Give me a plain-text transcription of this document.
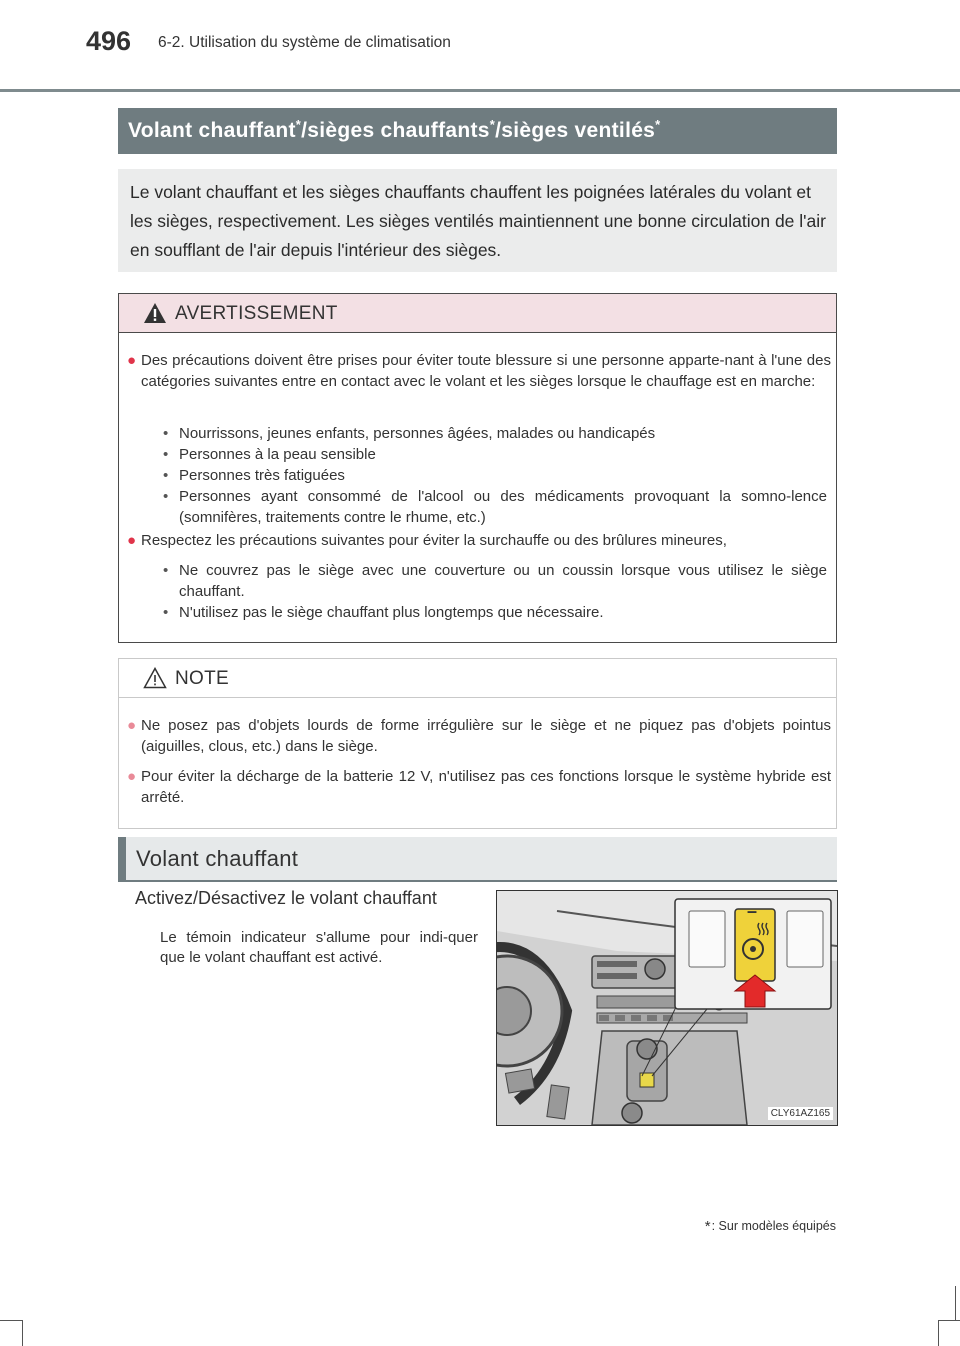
496 6-2. Utilisation du système de climatisation
Volant chauffant*/sièges chauffants*/sièges ventilés*

Le volant chauffant et les sièges chauffants chauffent les poignées latérales du volant et les sièges, respectivement. Les sièges ventilés maintiennent une bonne circulation de l'air en soufflant de l'air depuis l'intérieur des sièges.

AVERTISSEMENT
● Des précautions doivent être prises pour éviter toute blessure si une personne apparte-nant à l'une des catégories suivantes entre en contact avec le volant et les sièges lorsque le chauffage est en marche:
• Nourrissons, jeunes enfants, personnes âgées, malades ou handicapés
• Personnes à la peau sensible
• Personnes très fatiguées
• Personnes ayant consommé de l'alcool ou des médicaments provoquant la somno-lence (somnifères, traitements contre le rhume, etc.)
● Respectez les précautions suivantes pour éviter la surchauffe ou des brûlures mineures,
• Ne couvrez pas le siège avec une couverture ou un coussin lorsque vous utilisez le siège chauffant.
• N'utilisez pas le siège chauffant plus longtemps que nécessaire.
NOTE
● Ne posez pas d'objets lourds de forme irrégulière sur le siège et ne piquez pas d'objets pointus (aiguilles, clous, etc.) dans le siège.
● Pour éviter la décharge de la batterie 12 V, n'utilisez pas ces fonctions lorsque le système hybride est arrêté.
Volant chauffant
Activez/Désactivez le volant chauffant
Le témoin indicateur s'allume pour indi-quer que le volant chauffant est activé.
–
CLY61AZ165
*: Sur modèles équipés
